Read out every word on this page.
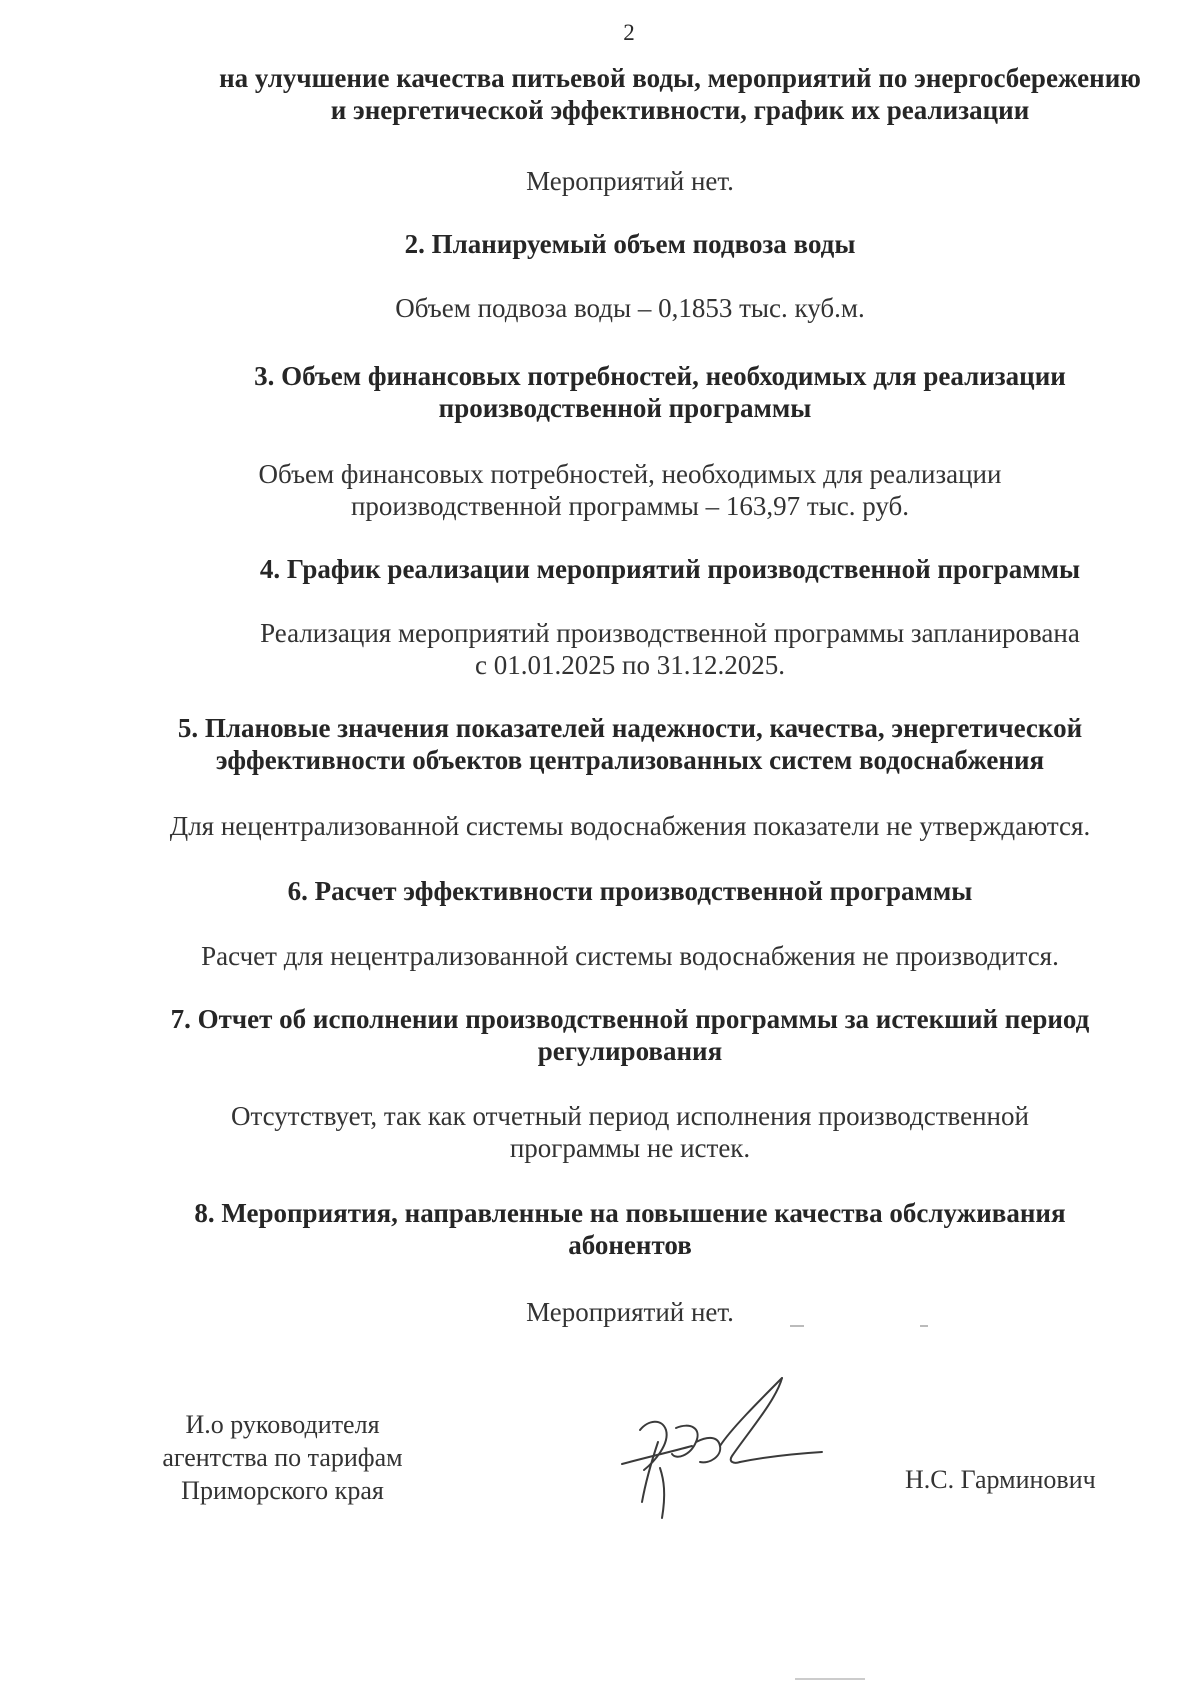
2
на улучшение качества питьевой воды, мероприятий по энергосбережению
и энергетической эффективности, график их реализации
Мероприятий нет.
2. Планируемый объем подвоза воды
Объем подвоза воды – 0,1853 тыс. куб.м.
3. Объем финансовых потребностей, необходимых для реализации
производственной программы
Объем финансовых потребностей, необходимых для реализации
производственной программы – 163,97 тыс. руб.
4. График реализации мероприятий производственной программы
Реализация мероприятий производственной программы запланирована
с 01.01.2025 по 31.12.2025.
5. Плановые значения показателей надежности, качества, энергетической
эффективности объектов централизованных систем водоснабжения
Для нецентрализованной системы водоснабжения показатели не утверждаются.
6. Расчет эффективности производственной программы
Расчет для нецентрализованной системы водоснабжения не производится.
7. Отчет об исполнении производственной программы за истекший период
регулирования
Отсутствует, так как отчетный период исполнения производственной
программы не истек.
8. Мероприятия, направленные на повышение качества обслуживания
абонентов
Мероприятий нет.
И.о руководителя
агентства по тарифам
Приморского края	Н.С. Гарминович
